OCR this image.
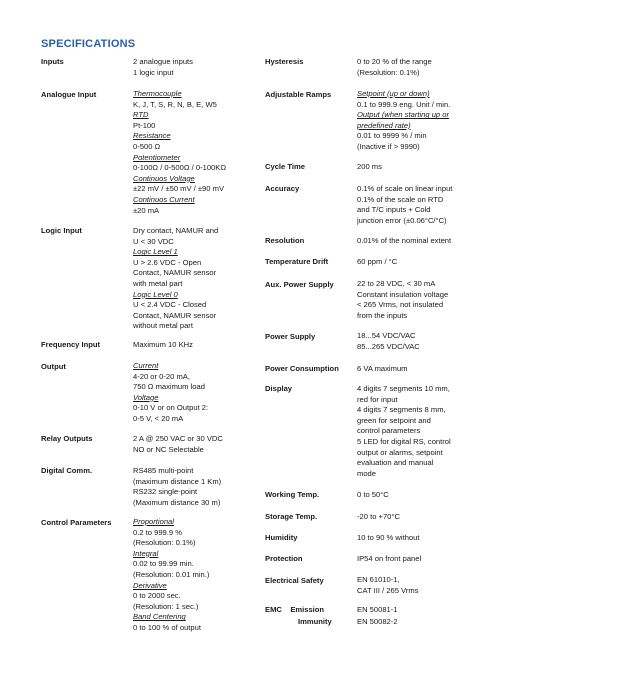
SPECIFICATIONS
Inputs	2 analogue inputs
1 logic input
Analogue Input	Thermocouple
K, J, T, S, R, N, B, E, W5
RTD
Pt-100
Resistance
0-500 Ω
Potentiometer
0-100Ω / 0-500Ω / 0-100KΩ
Continuos Voltage
±22 mV / ±50 mV / ±90 mV
Continuos Current
±20 mA
Logic Input	Dry contact, NAMUR and
U < 30 VDC
Logic Level 1
U > 2.6 VDC - Open
Contact, NAMUR sensor
with metal part
Logic Level 0
U < 2.4 VDC - Closed
Contact, NAMUR sensor
without metal part
Frequency Input	Maximum 10 KHz
Output	Current
4-20 or 0-20 mA,
750 Ω maximum load
Voltage
0-10 V or on Output 2:
0-5 V, < 20 mA
Relay Outputs	2 A @ 250 VAC or 30 VDC
NO or NC Selectable
Digital Comm.	RS485 multi-point
(maximum distance 1 Km)
RS232 single-point
(Maximum distance 30 m)
Control Parameters	Proportional
0.2 to 999.9 %
(Resolution: 0.1%)
Integral
0.02 to 99.99 min.
(Resolution: 0.01 min.)
Derivative
0 to 2000 sec.
(Resolution: 1 sec.)
Band Centering
0 to 100 % of output
Hysteresis	0 to 20 % of the range
(Resolution: 0.1%)
Adjustable Ramps	Setpoint (up or down)
0.1 to 999.9 eng. Unit / min.
Output (when starting up or
predefined rate)
0.01 to 9999 % / min
(Inactive if > 9990)
Cycle Time	200 ms
Accuracy	0.1% of scale on linear input
0.1% of the scale on RTD
and T/C inputs + Cold
junction error (±0.06°C/°C)
Resolution	0.01% of the nominal extent
Temperature Drift	60 ppm / °C
Aux. Power Supply	22 to 28 VDC, < 30 mA
Constant insulation voltage
< 265 Vrms, not insulated
from the inputs
Power Supply	18...54 VDC/VAC
85...265 VDC/VAC
Power Consumption 6 VA maximum
Display	4 digits 7 segments 10 mm,
red for input
4 digits 7 segments 8 mm,
green for setpoint and
control parameters
5 LED for digital RS, control
output or alarms, setpoint
evaluation and manual
mode
Working Temp.	0 to 50°C
Storage Temp.	-20 to +70°C
Humidity	10 to 90 % without
Protection	IP54 on front panel
Electrical Safety	EN 61010-1,
CAT III / 265 Vrms
EMC    Emission	EN 50081-1
Immunity	EN 50082-2
